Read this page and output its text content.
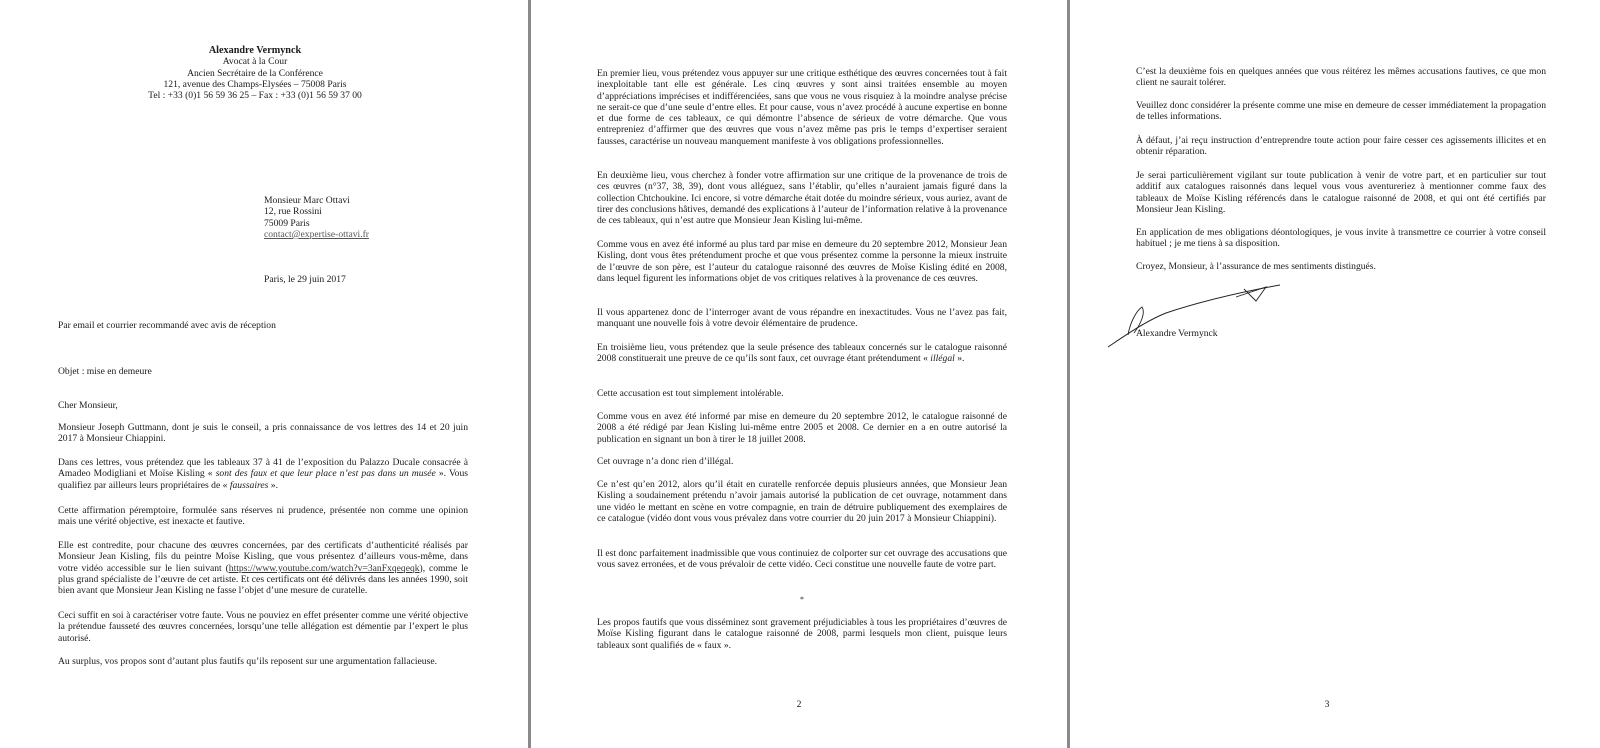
Alexandre Vermynck
Avocat à la Cour
Ancien Secrétaire de la Conférence
121, avenue des Champs-Elysées – 75008 Paris
Tel : +33 (0)1 56 59 36 25 – Fax : +33 (0)1 56 59 37 00
Monsieur Marc Ottavi
12, rue Rossini
75009 Paris
contact@expertise-ottavi.fr
Paris, le 29 juin 2017
Par email et courrier recommandé avec avis de réception
Objet : mise en demeure
Cher Monsieur,

Monsieur Joseph Guttmann, dont je suis le conseil, a pris connaissance de vos lettres des 14 et 20 juin 2017 à Monsieur Chiappini.

Dans ces lettres, vous prétendez que les tableaux 37 à 41 de l’exposition du Palazzo Ducale consacrée à Amadeo Modigliani et Moïse Kisling « sont des faux et que leur place n’est pas dans un musée ». Vous qualifiez par ailleurs leurs propriétaires de « faussaires ».

Cette affirmation péremptoire, formulée sans réserves ni prudence, présentée non comme une opinion mais une vérité objective, est inexacte et fautive.

Elle est contredite, pour chacune des œuvres concernées, par des certificats d’authenticité réalisés par Monsieur Jean Kisling, fils du peintre Moïse Kisling, que vous présentez d’ailleurs vous-même, dans votre vidéo accessible sur le lien suivant (https://www.youtube.com/watch?v=3anFxqeqeqk), comme le plus grand spécialiste de l’œuvre de cet artiste. Et ces certificats ont été délivrés dans les années 1990, soit bien avant que Monsieur Jean Kisling ne fasse l’objet d’une mesure de curatelle.

Ceci suffit en soi à caractériser votre faute. Vous ne pouviez en effet présenter comme une vérité objective la prétendue fausseté des œuvres concernées, lorsqu’une telle allégation est démentie par l’expert le plus autorisé.

Au surplus, vos propos sont d’autant plus fautifs qu’ils reposent sur une argumentation fallacieuse.

En premier lieu, vous prétendez vous appuyer sur une critique esthétique des œuvres concernées tout à fait inexploitable tant elle est générale. Les cinq œuvres y sont ainsi traitées ensemble au moyen d’appréciations imprécises et indifférenciées, sans que vous ne vous risquiez à la moindre analyse précise ne serait-ce que d’une seule d’entre elles. Et pour cause, vous n’avez procédé à aucune expertise en bonne et due forme de ces tableaux, ce qui démontre l’absence de sérieux de votre démarche. Que vous entrepreniez d’affirmer que des œuvres que vous n’avez même pas pris le temps d’expertiser seraient fausses, caractérise un nouveau manquement manifeste à vos obligations professionnelles.

En deuxième lieu, vous cherchez à fonder votre affirmation sur une critique de la provenance de trois de ces œuvres (n°37, 38, 39), dont vous alléguez, sans l’établir, qu’elles n’auraient jamais figuré dans la collection Chtchoukine. Ici encore, si votre démarche était dotée du moindre sérieux, vous auriez, avant de tirer des conclusions hâtives, demandé des explications à l’auteur de l’information relative à la provenance de ces tableaux, qui n’est autre que Monsieur Jean Kisling lui-même.

Comme vous en avez été informé au plus tard par mise en demeure du 20 septembre 2012, Monsieur Jean Kisling, dont vous êtes prétendument proche et que vous présentez comme la personne la mieux instruite de l’œuvre de son père, est l’auteur du catalogue raisonné des œuvres de Moïse Kisling édité en 2008, dans lequel figurent les informations objet de vos critiques relatives à la provenance de ces œuvres.

Il vous appartenez donc de l’interroger avant de vous répandre en inexactitudes. Vous ne l’avez pas fait, manquant une nouvelle fois à votre devoir élémentaire de prudence.

En troisième lieu, vous prétendez que la seule présence des tableaux concernés sur le catalogue raisonné 2008 constituerait une preuve de ce qu’ils sont faux, cet ouvrage étant prétendument « illégal ».

Cette accusation est tout simplement intolérable.

Comme vous en avez été informé par mise en demeure du 20 septembre 2012, le catalogue raisonné de 2008 a été rédigé par Jean Kisling lui-même entre 2005 et 2008. Ce dernier en a en outre autorisé la publication en signant un bon à tirer le 18 juillet 2008.

Cet ouvrage n’a donc rien d’illégal.

Ce n’est qu’en 2012, alors qu’il était en curatelle renforcée depuis plusieurs années, que Monsieur Jean Kisling a soudainement prétendu n’avoir jamais autorisé la publication de cet ouvrage, notamment dans une vidéo le mettant en scène en votre compagnie, en train de détruire publiquement des exemplaires de ce catalogue (vidéo dont vous vous prévalez dans votre courrier du 20 juin 2017 à Monsieur Chiappini).

Il est donc parfaitement inadmissible que vous continuiez de colporter sur cet ouvrage des accusations que vous savez erronées, et de vous prévaloir de cette vidéo. Ceci constitue une nouvelle faute de votre part.

*

Les propos fautifs que vous disséminez sont gravement préjudiciables à tous les propriétaires d’œuvres de Moïse Kisling figurant dans le catalogue raisonné de 2008, parmi lesquels mon client, puisque leurs tableaux sont qualifiés de « faux ».

2

C’est la deuxième fois en quelques années que vous réitérez les mêmes accusations fautives, ce que mon client ne saurait tolérer.

Veuillez donc considérer la présente comme une mise en demeure de cesser immédiatement la propagation de telles informations.

À défaut, j’ai reçu instruction d’entreprendre toute action pour faire cesser ces agissements illicites et en obtenir réparation.

Je serai particulièrement vigilant sur toute publication à venir de votre part, et en particulier sur tout additif aux catalogues raisonnés dans lequel vous vous aventureriez à mentionner comme faux des tableaux de Moïse Kisling référencés dans le catalogue raisonné de 2008, et qui ont été certifiés par Monsieur Jean Kisling.

En application de mes obligations déontologiques, je vous invite à transmettre ce courrier à votre conseil habituel ; je me tiens à sa disposition.

Croyez, Monsieur, à l’assurance de mes sentiments distingués.

Alexandre Vermynck
3
